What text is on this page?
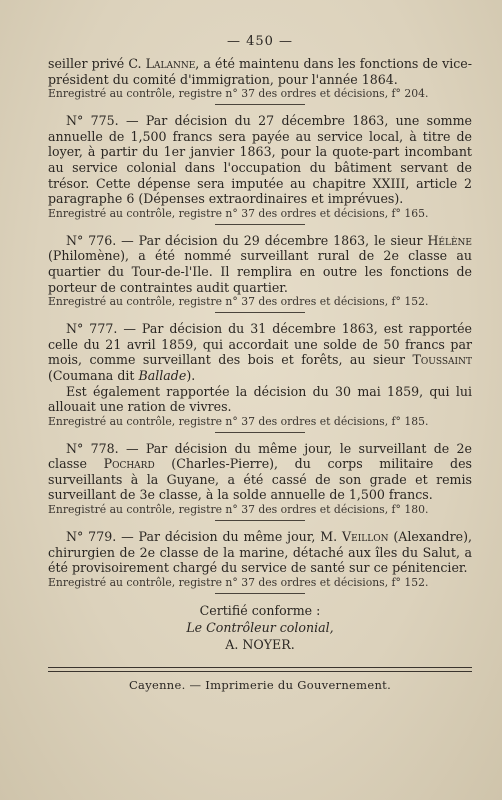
— 450 —

seiller privé C. Lalanne, a été maintenu dans les fonctions de vice-président du comité d'immigration, pour l'année 1864.

Enregistré au contrôle, registre n° 37 des ordres et décisions, f° 204.

N° 775. — Par décision du 27 décembre 1863, une somme annuelle de 1,500 francs sera payée au service local, à titre de loyer, à partir du 1er janvier 1863, pour la quote-part incombant au service colonial dans l'occupation du bâtiment servant de trésor. Cette dépense sera imputée au chapitre XXIII, article 2 paragraphe 6 (Dépenses extraordinaires et imprévues).

Enregistré au contrôle, registre n° 37 des ordres et décisions, f° 165.

N° 776. — Par décision du 29 décembre 1863, le sieur Hélène (Philomène), a été nommé surveillant rural de 2e classe au quartier du Tour-de-l'Ile. Il remplira en outre les fonctions de porteur de contraintes audit quartier.

Enregistré au contrôle, registre n° 37 des ordres et décisions, f° 152.

N° 777. — Par décision du 31 décembre 1863, est rapportée celle du 21 avril 1859, qui accordait une solde de 50 francs par mois, comme surveillant des bois et forêts, au sieur Toussaint (Coumana dit Ballade).

Est également rapportée la décision du 30 mai 1859, qui lui allouait une ration de vivres.

Enregistré au contrôle, registre n° 37 des ordres et décisions, f° 185.

N° 778. — Par décision du même jour, le surveillant de 2e classe Pochard (Charles-Pierre), du corps militaire des surveillants à la Guyane, a été cassé de son grade et remis surveillant de 3e classe, à la solde annuelle de 1,500 francs.

Enregistré au contrôle, registre n° 37 des ordres et décisions, f° 180.

N° 779. — Par décision du même jour, M. Veillon (Alexandre), chirurgien de 2e classe de la marine, détaché aux îles du Salut, a été provisoirement chargé du service de santé sur ce pénitencier.

Enregistré au contrôle, registre n° 37 des ordres et décisions, f° 152.

Certifié conforme :
Le Contrôleur colonial,
A. NOYER.
Cayenne. — Imprimerie du Gouvernement.
